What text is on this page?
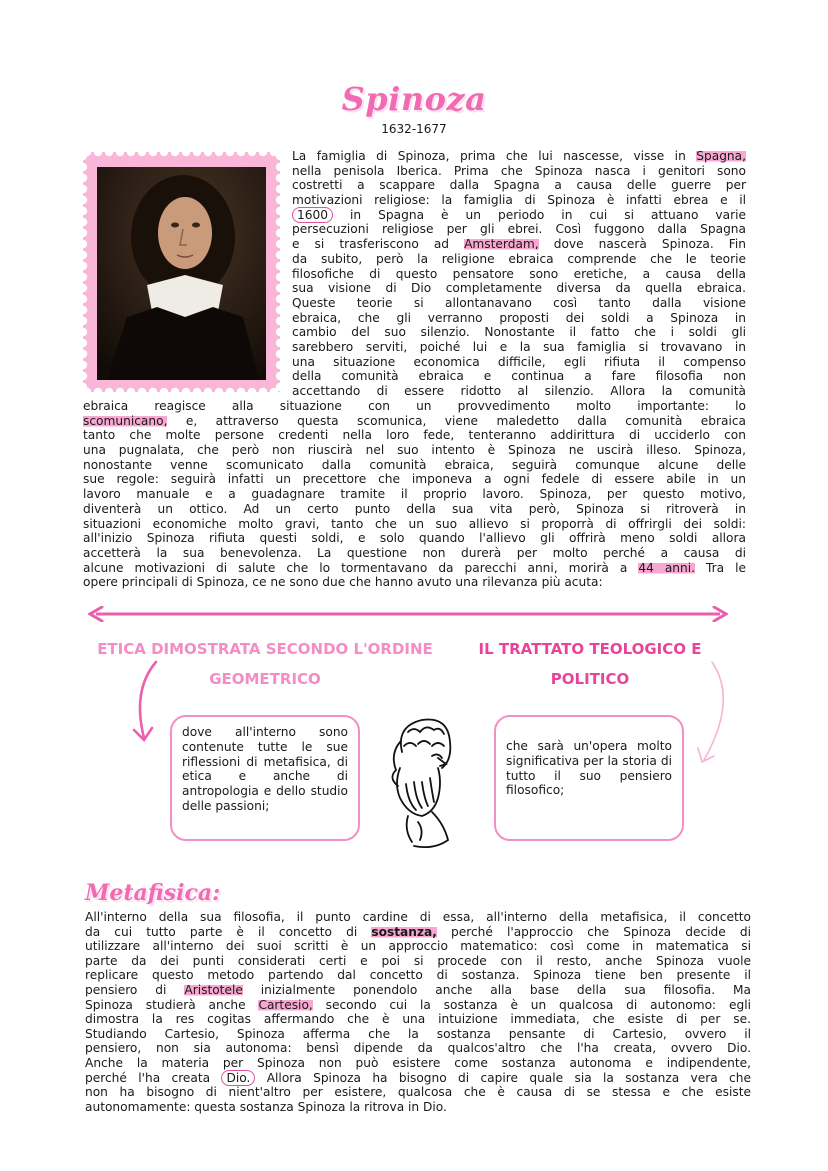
Spinoza
1632-1677
La famiglia di Spinoza, prima che lui nascesse, visse in Spagna,
nella penisola Iberica. Prima che Spinoza nasca i genitori sono
costretti a scappare dalla Spagna a causa delle guerre per
motivazioni religiose: la famiglia di Spinoza è infatti ebrea e il
1600 in Spagna è un periodo in cui si attuano varie
persecuzioni religiose per gli ebrei. Così fuggono dalla Spagna
e si trasferiscono ad Amsterdam, dove nascerà Spinoza. Fin
da subito, però la religione ebraica comprende che le teorie
filosofiche di questo pensatore sono eretiche, a causa della
sua visione di Dio completamente diversa da quella ebraica.
Queste teorie si allontanavano così tanto dalla visione
ebraica, che gli verranno proposti dei soldi a Spinoza in
cambio del suo silenzio. Nonostante il fatto che i soldi gli
sarebbero serviti, poiché lui e la sua famiglia si trovavano in
una situazione economica difficile, egli rifiuta il compenso
della comunità ebraica e continua a fare filosofia non
accettando di essere ridotto al silenzio. Allora la comunità
ebraica reagisce alla situazione con un provvedimento molto importante: lo
scomunicano, e, attraverso questa scomunica, viene maledetto dalla comunità ebraica
tanto che molte persone credenti nella loro fede, tenteranno addirittura di ucciderlo con
una pugnalata, che però non riuscirà nel suo intento è Spinoza ne uscirà illeso. Spinoza,
nonostante venne scomunicato dalla comunità ebraica, seguirà comunque alcune delle
sue regole: seguirà infatti un precettore che imponeva a ogni fedele di essere abile in un
lavoro manuale e a guadagnare tramite il proprio lavoro. Spinoza, per questo motivo,
diventerà un ottico. Ad un certo punto della sua vita però, Spinoza si ritroverà in
situazioni economiche molto gravi, tanto che un suo allievo si proporrà di offrirgli dei soldi:
all'inizio Spinoza rifiuta questi soldi, e solo quando l'allievo gli offrirà meno soldi allora
accetterà la sua benevolenza. La questione non durerà per molto perché a causa di
alcune motivazioni di salute che lo tormentavano da parecchi anni, morirà a 44 anni. Tra le
opere principali di Spinoza, ce ne sono due che hanno avuto una rilevanza più acuta:
ETICA DIMOSTRATA SECONDO L'ORDINE
GEOMETRICO
IL TRATTATO TEOLOGICO E
POLITICO
dove all'interno sono contenute tutte le sue riflessioni di metafisica, di etica e anche di antropologia e dello studio delle passioni;
che sarà un'opera molto significativa per la storia di tutto il suo pensiero filosofico;
Metafisica:
All'interno della sua filosofia, il punto cardine di essa, all'interno della metafisica, il concetto
da cui tutto parte è il concetto di sostanza, perché l'approccio che Spinoza decide di
utilizzare all'interno dei suoi scritti è un approccio matematico: così come in matematica si
parte da dei punti considerati certi e poi si procede con il resto, anche Spinoza vuole
replicare questo metodo partendo dal concetto di sostanza. Spinoza tiene ben presente il
pensiero di Aristotele inizialmente ponendolo anche alla base della sua filosofia. Ma
Spinoza studierà anche Cartesio, secondo cui la sostanza è un qualcosa di autonomo: egli
dimostra la res cogitas affermando che è una intuizione immediata, che esiste di per se.
Studiando Cartesio, Spinoza afferma che la sostanza pensante di Cartesio, ovvero il
pensiero, non sia autonoma: bensì dipende da qualcos'altro che l'ha creata, ovvero Dio.
Anche la materia per Spinoza non può esistere come sostanza autonoma e indipendente,
perché l'ha creata Dio. Allora Spinoza ha bisogno di capire quale sia la sostanza vera che
non ha bisogno di nient'altro per esistere, qualcosa che è causa di se stessa e che esiste
autonomamente: questa sostanza Spinoza la ritrova in Dio.
